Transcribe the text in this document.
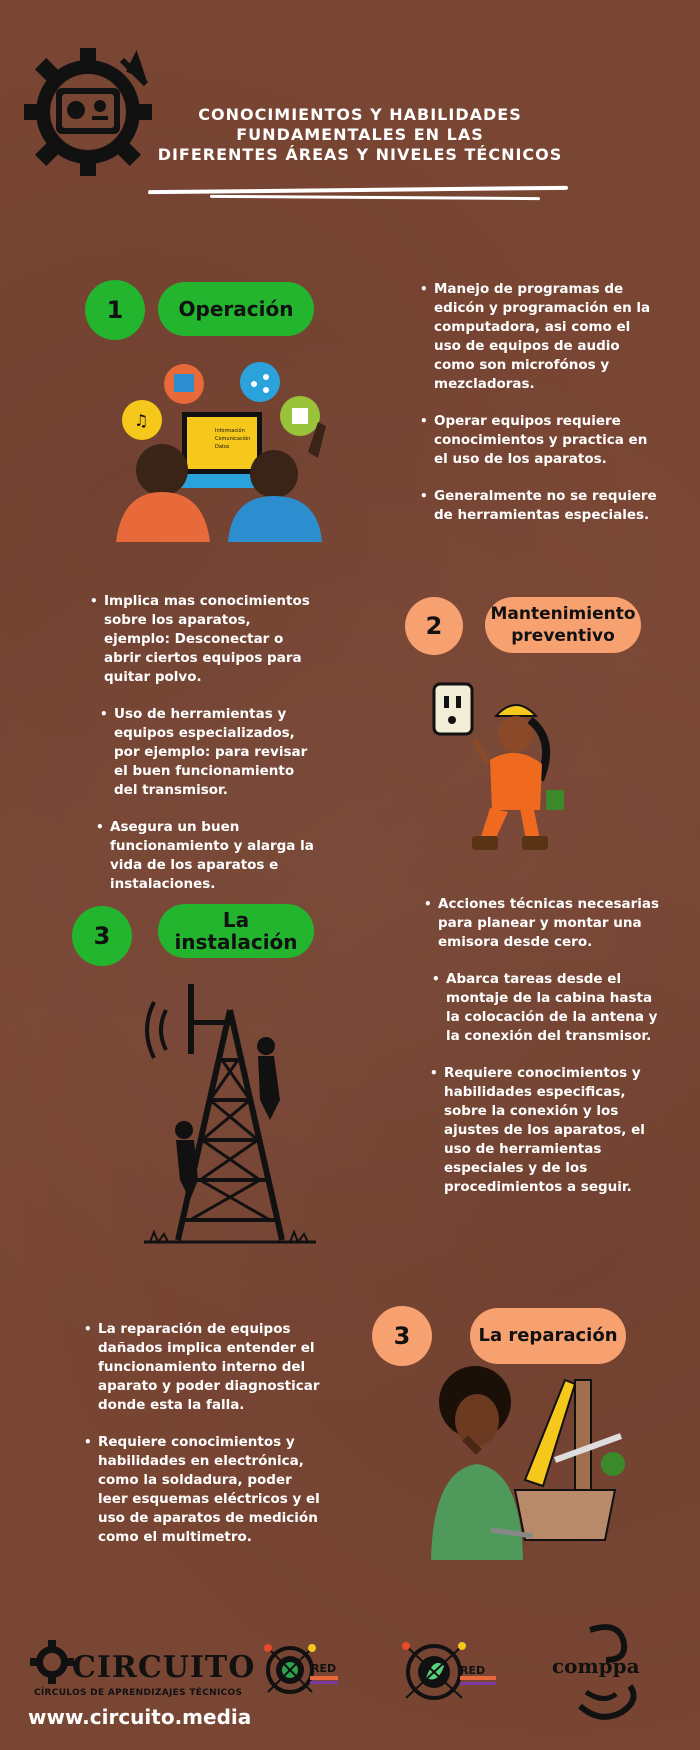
CONOCIMIENTOS Y HABILIDADES
FUNDAMENTALES EN LAS
DIFERENTES ÁREAS Y NIVELES TÉCNICOS
1	Operación
♫
Información
Comunicación
Datos
• Manejo de programas de edicón y programación en la computadora, asi como el uso de equipos de audio como son microfónos y mezcladoras.
• Operar equipos requiere conocimientos y practica en el uso de los aparatos.
• Generalmente no se requiere de herramientas especiales.
• Implica mas conocimientos sobre los aparatos, ejemplo: Desconectar o abrir ciertos equipos para quitar polvo.
• Uso de herramientas y equipos especializados, por ejemplo: para revisar el buen funcionamiento del transmisor.
• Asegura un buen funcionamiento y alarga la vida de los aparatos e instalaciones.
2	Mantenimiento preventivo
3
La instalación
• Acciones técnicas necesarias para planear y montar una emisora desde cero.
• Abarca tareas desde el montaje de la cabina hasta la colocación de la antena y la conexión del transmisor.
• Requiere conocimientos y habilidades especificas, sobre la conexión y los ajustes de los aparatos, el uso de herramientas especiales y de los procedimientos a seguir.
• La reparación de equipos dañados implica entender el funcionamiento interno del aparato y poder diagnosticar donde esta la falla.
• Requiere conocimientos y habilidades en electrónica, como la soldadura, poder leer esquemas eléctricos y el uso de aparatos de medición como el multimetro.
3	La reparación
CIRCUITO
CÍRCULOS DE APRENDIZAJES TÉCNICOS
RED	RED	comppa
www.circuito.media
